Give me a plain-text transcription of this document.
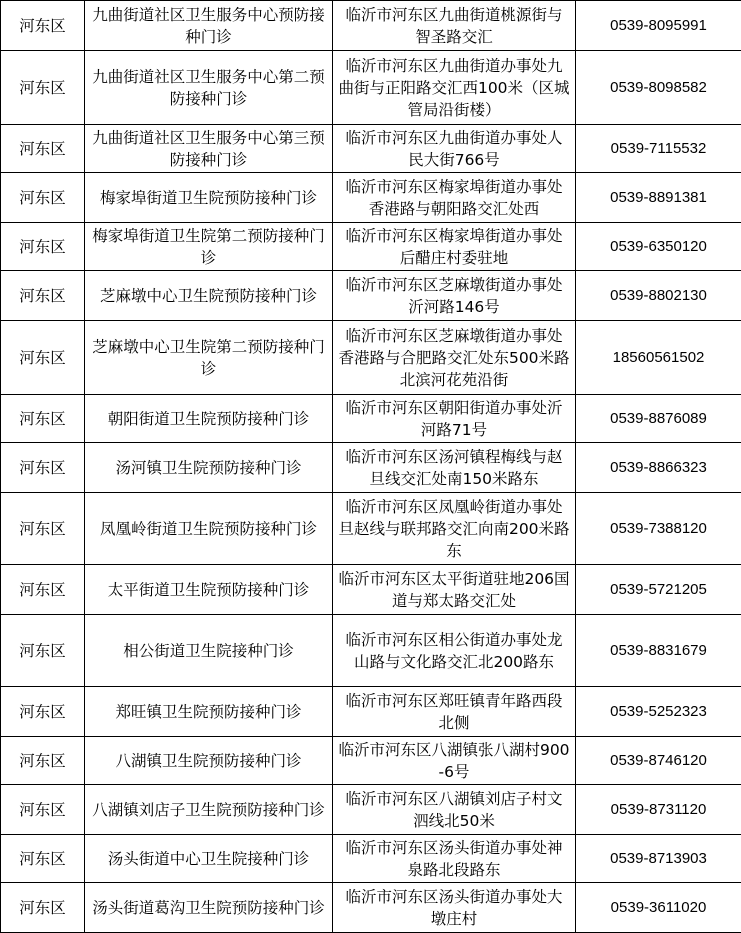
河东区	九曲街道社区卫生服务中心预防接种门诊	临沂市河东区九曲街道桃源街与智圣路交汇	0539-8095991
河东区	九曲街道社区卫生服务中心第二预防接种门诊	临沂市河东区九曲街道办事处九曲街与正阳路交汇西100米（区城管局沿街楼）	0539-8098582
河东区	九曲街道社区卫生服务中心第三预防接种门诊	临沂市河东区九曲街道办事处人民大街766号	0539-7115532
河东区	梅家埠街道卫生院预防接种门诊	临沂市河东区梅家埠街道办事处香港路与朝阳路交汇处西	0539-8891381
河东区	梅家埠街道卫生院第二预防接种门诊	临沂市河东区梅家埠街道办事处后醋庄村委驻地	0539-6350120
河东区	芝麻墩中心卫生院预防接种门诊	临沂市河东区芝麻墩街道办事处沂河路146号	0539-8802130
河东区	芝麻墩中心卫生院第二预防接种门诊	临沂市河东区芝麻墩街道办事处香港路与合肥路交汇处东500米路北滨河花苑沿街	18560561502
河东区	朝阳街道卫生院预防接种门诊	临沂市河东区朝阳街道办事处沂河路71号	0539-8876089
河东区	汤河镇卫生院预防接种门诊	临沂市河东区汤河镇程梅线与赵旦线交汇处南150米路东	0539-8866323
河东区	凤凰岭街道卫生院预防接种门诊	临沂市河东区凤凰岭街道办事处旦赵线与联邦路交汇向南200米路东	0539-7388120
河东区	太平街道卫生院预防接种门诊	临沂市河东区太平街道驻地206国道与郑太路交汇处	0539-5721205
河东区	相公街道卫生院接种门诊	临沂市河东区相公街道办事处龙山路与文化路交汇北200路东	0539-8831679
河东区	郑旺镇卫生院预防接种门诊	临沂市河东区郑旺镇青年路西段北侧	0539-5252323
河东区	八湖镇卫生院预防接种门诊	临沂市河东区八湖镇张八湖村900-6号	0539-8746120
河东区	八湖镇刘店子卫生院预防接种门诊	临沂市河东区八湖镇刘店子村文泗线北50米	0539-8731120
河东区	汤头街道中心卫生院接种门诊	临沂市河东区汤头街道办事处神泉路北段路东	0539-8713903
河东区	汤头街道葛沟卫生院预防接种门诊	临沂市河东区汤头街道办事处大墩庄村	0539-3611020
